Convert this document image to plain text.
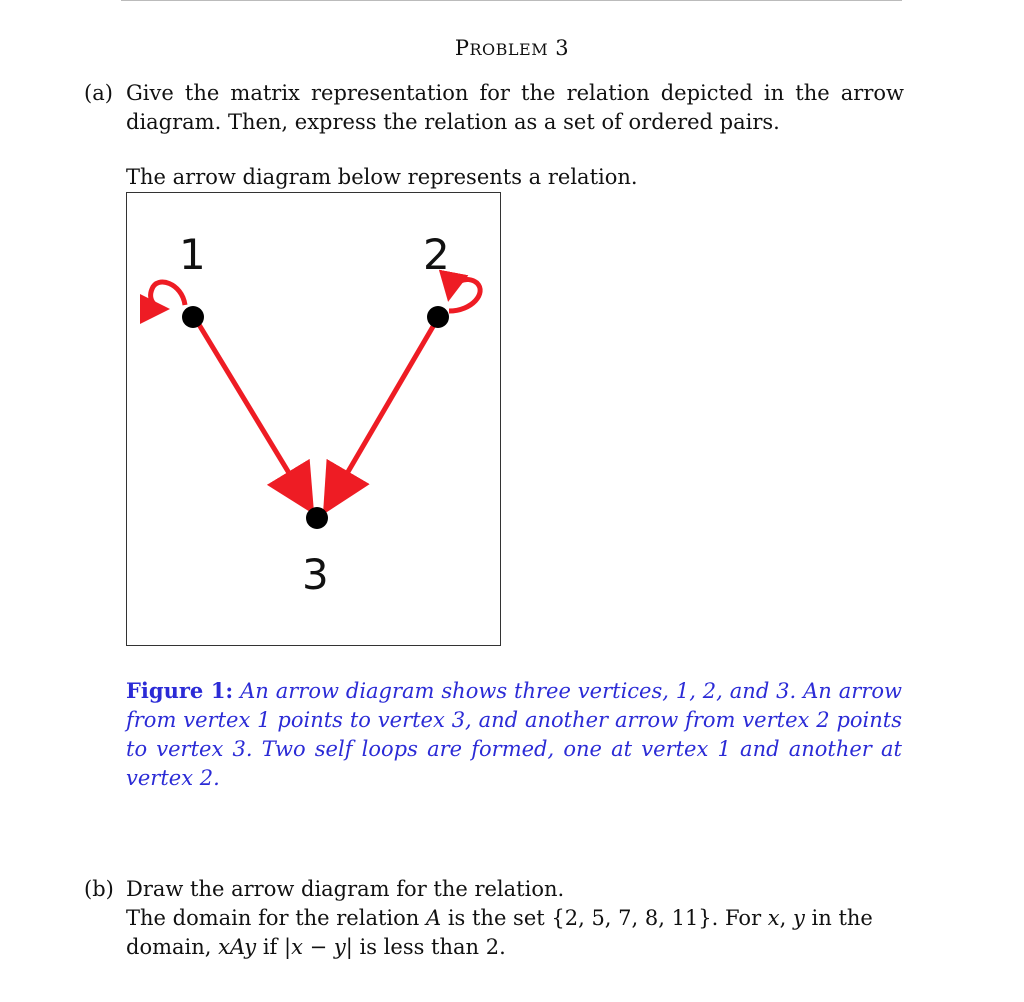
PROBLEM 3
(a) Give the matrix representation for the relation depicted in the arrow diagram. Then, express the relation as a set of ordered pairs.
The arrow diagram below represents a relation.
1	2
3
Figure 1: An arrow diagram shows three vertices, 1, 2, and 3. An arrow from vertex 1 points to vertex 3, and another arrow from vertex 2 points to vertex 3. Two self loops are formed, one at vertex 1 and another at vertex 2.
(b) Draw the arrow diagram for the relation.
The domain for the relation A is the set {2, 5, 7, 8, 11}. For x, y in the
domain, xAy if |x − y| is less than 2.
